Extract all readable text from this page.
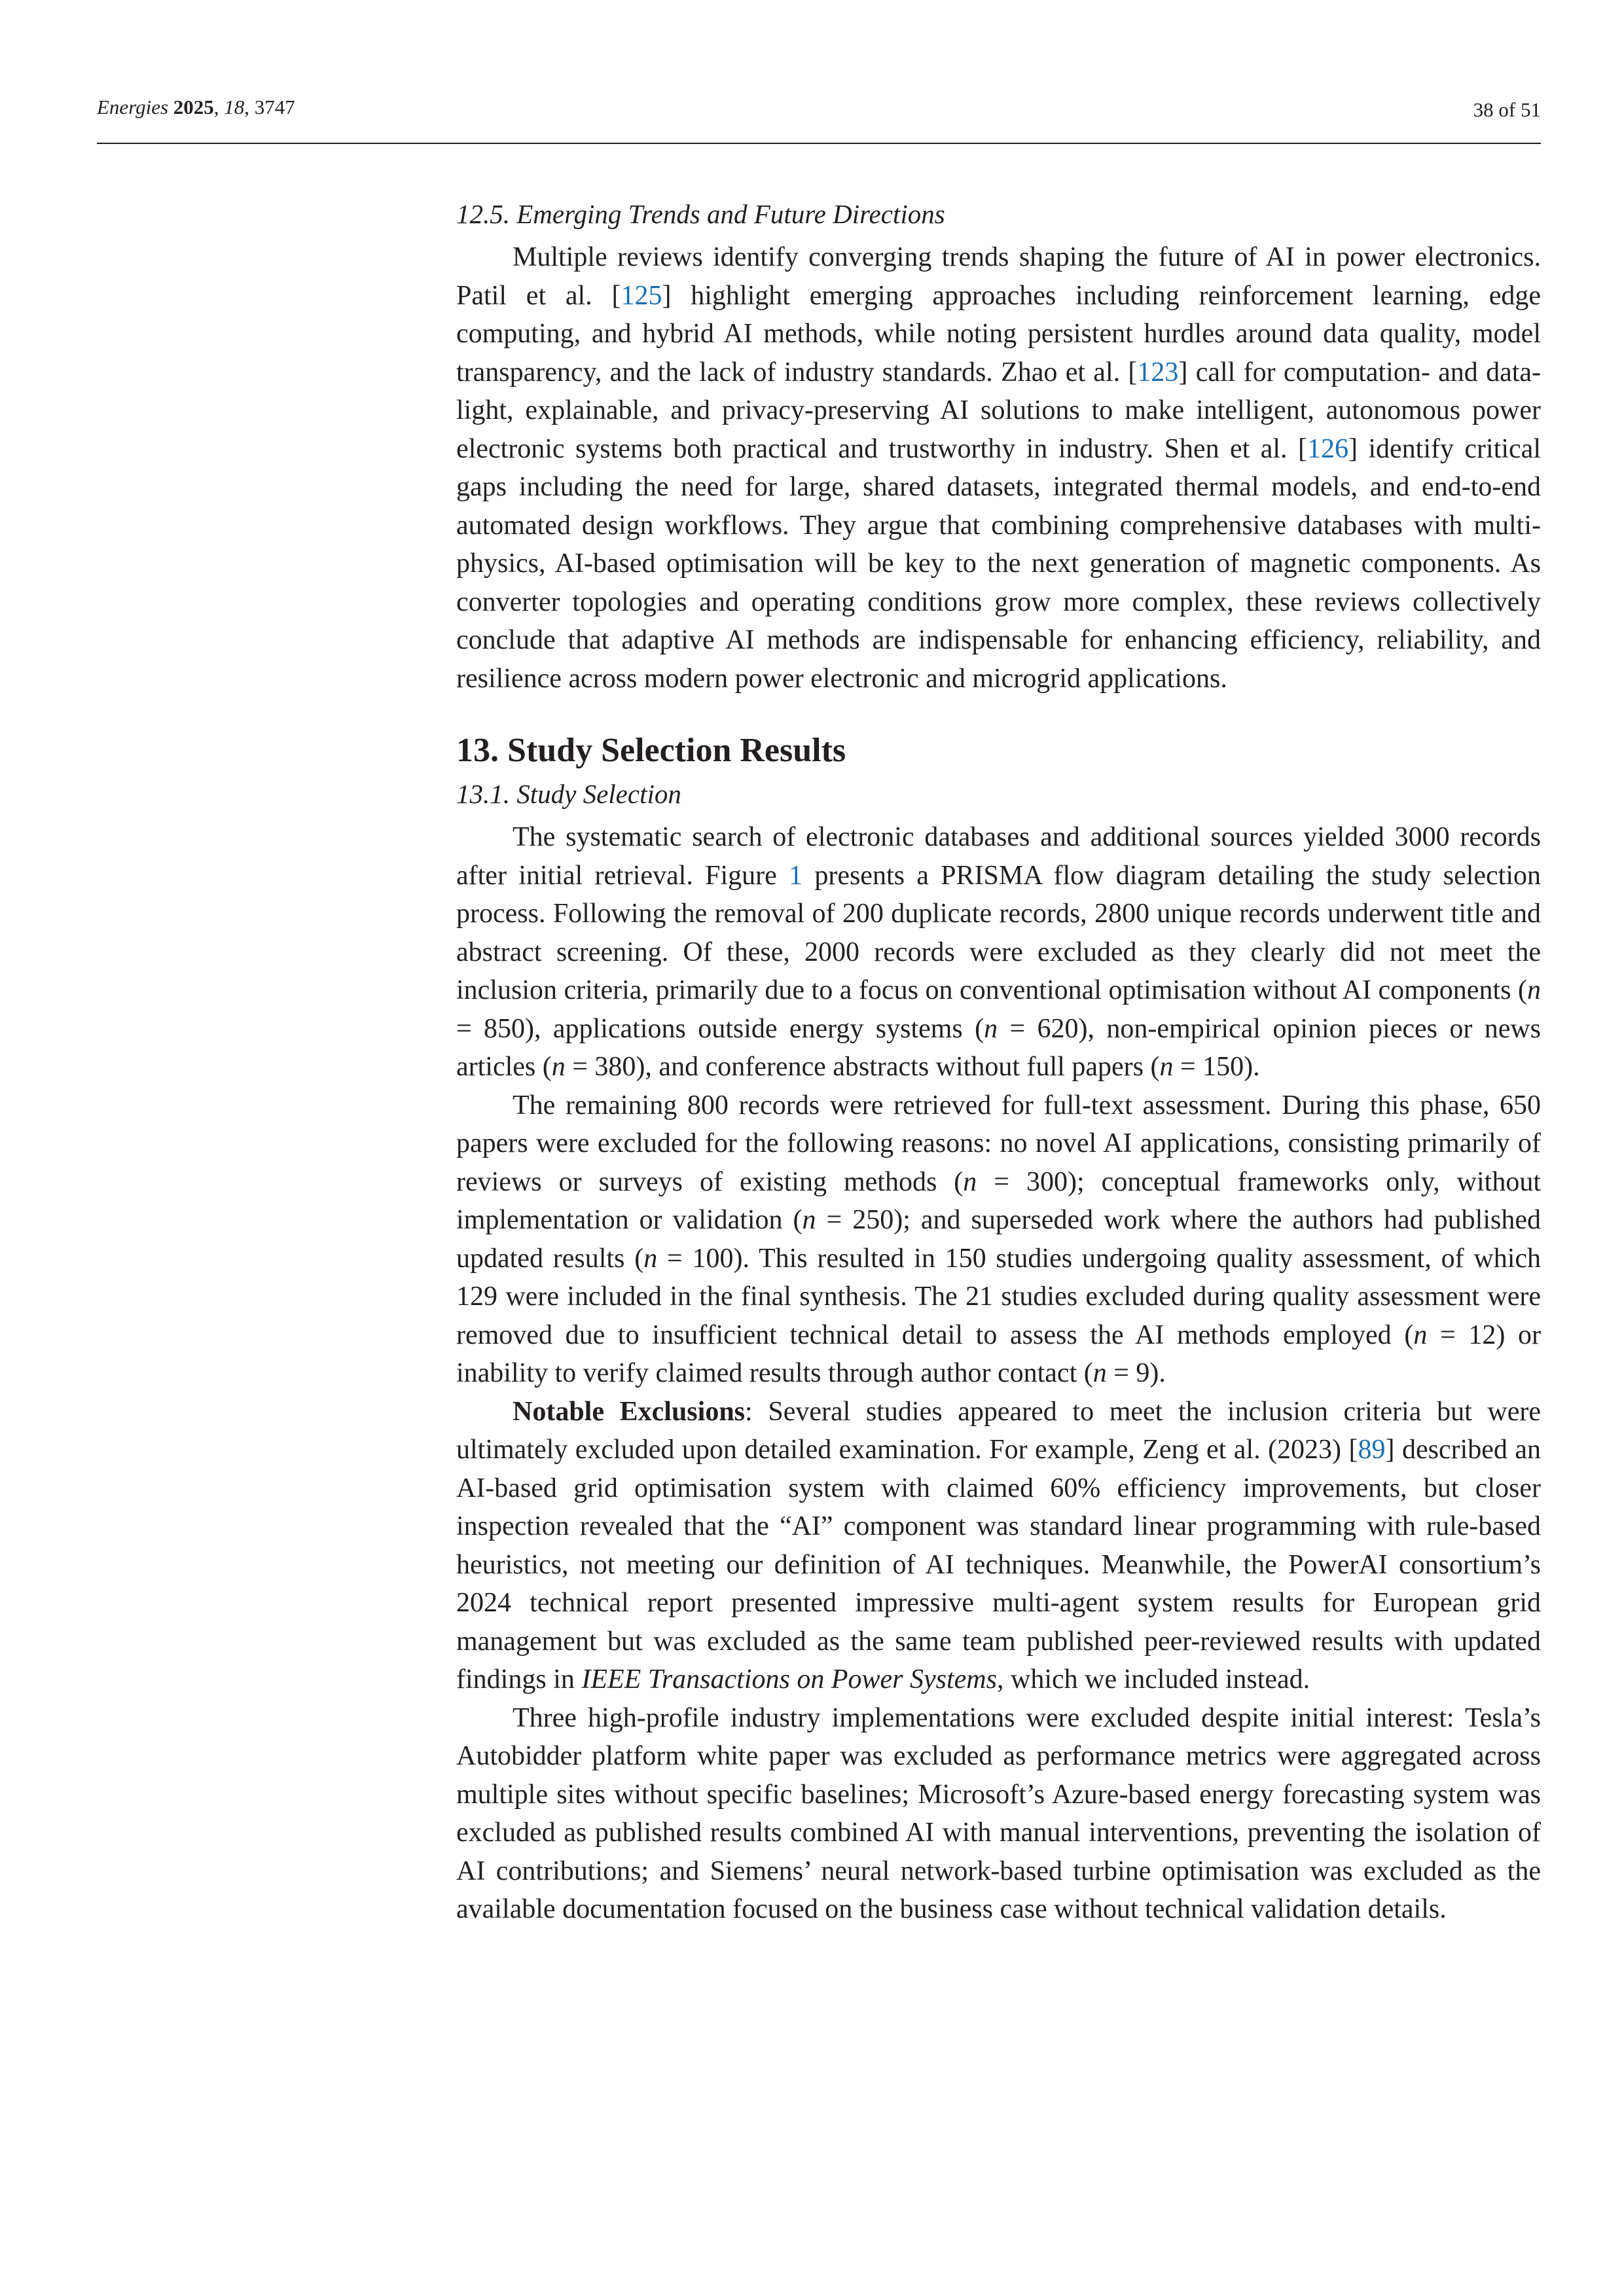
Energies 2025, 18, 3747	38 of 51
12.5. Emerging Trends and Future Directions

Multiple reviews identify converging trends shaping the future of AI in power electronics. Patil et al. [125] highlight emerging approaches including reinforcement learning, edge computing, and hybrid AI methods, while noting persistent hurdles around data quality, model transparency, and the lack of industry standards. Zhao et al. [123] call for computation- and data-light, explainable, and privacy-preserving AI solutions to make intelligent, autonomous power electronic systems both practical and trustworthy in industry. Shen et al. [126] identify critical gaps including the need for large, shared datasets, integrated thermal models, and end-to-end automated design workflows. They argue that combining comprehensive databases with multi-physics, AI-based optimisation will be key to the next generation of magnetic components. As converter topologies and operating conditions grow more complex, these reviews collectively conclude that adaptive AI methods are indispensable for enhancing efficiency, reliability, and resilience across modern power electronic and microgrid applications.

13. Study Selection Results
13.1. Study Selection

The systematic search of electronic databases and additional sources yielded 3000 records after initial retrieval. Figure 1 presents a PRISMA flow diagram detailing the study selection process. Following the removal of 200 duplicate records, 2800 unique records underwent title and abstract screening. Of these, 2000 records were excluded as they clearly did not meet the inclusion criteria, primarily due to a focus on conventional optimisation without AI components (n = 850), applications outside energy systems (n = 620), non-empirical opinion pieces or news articles (n = 380), and conference abstracts without full papers (n = 150).

The remaining 800 records were retrieved for full-text assessment. During this phase, 650 papers were excluded for the following reasons: no novel AI applications, consisting primarily of reviews or surveys of existing methods (n = 300); conceptual frameworks only, without implementation or validation (n = 250); and superseded work where the authors had published updated results (n = 100). This resulted in 150 studies undergoing quality assessment, of which 129 were included in the final synthesis. The 21 studies excluded during quality assessment were removed due to insufficient technical detail to assess the AI methods employed (n = 12) or inability to verify claimed results through author contact (n = 9).

Notable Exclusions: Several studies appeared to meet the inclusion criteria but were ultimately excluded upon detailed examination. For example, Zeng et al. (2023) [89] described an AI-based grid optimisation system with claimed 60% efficiency improvements, but closer inspection revealed that the “AI” component was standard linear programming with rule-based heuristics, not meeting our definition of AI techniques. Meanwhile, the PowerAI consortium’s 2024 technical report presented impressive multi-agent system results for European grid management but was excluded as the same team published peer-reviewed results with updated findings in IEEE Transactions on Power Systems, which we included instead.

Three high-profile industry implementations were excluded despite initial interest: Tesla’s Autobidder platform white paper was excluded as performance metrics were aggregated across multiple sites without specific baselines; Microsoft’s Azure-based energy forecasting system was excluded as published results combined AI with manual interventions, preventing the isolation of AI contributions; and Siemens’ neural network-based turbine optimisation was excluded as the available documentation focused on the business case without technical validation details.
